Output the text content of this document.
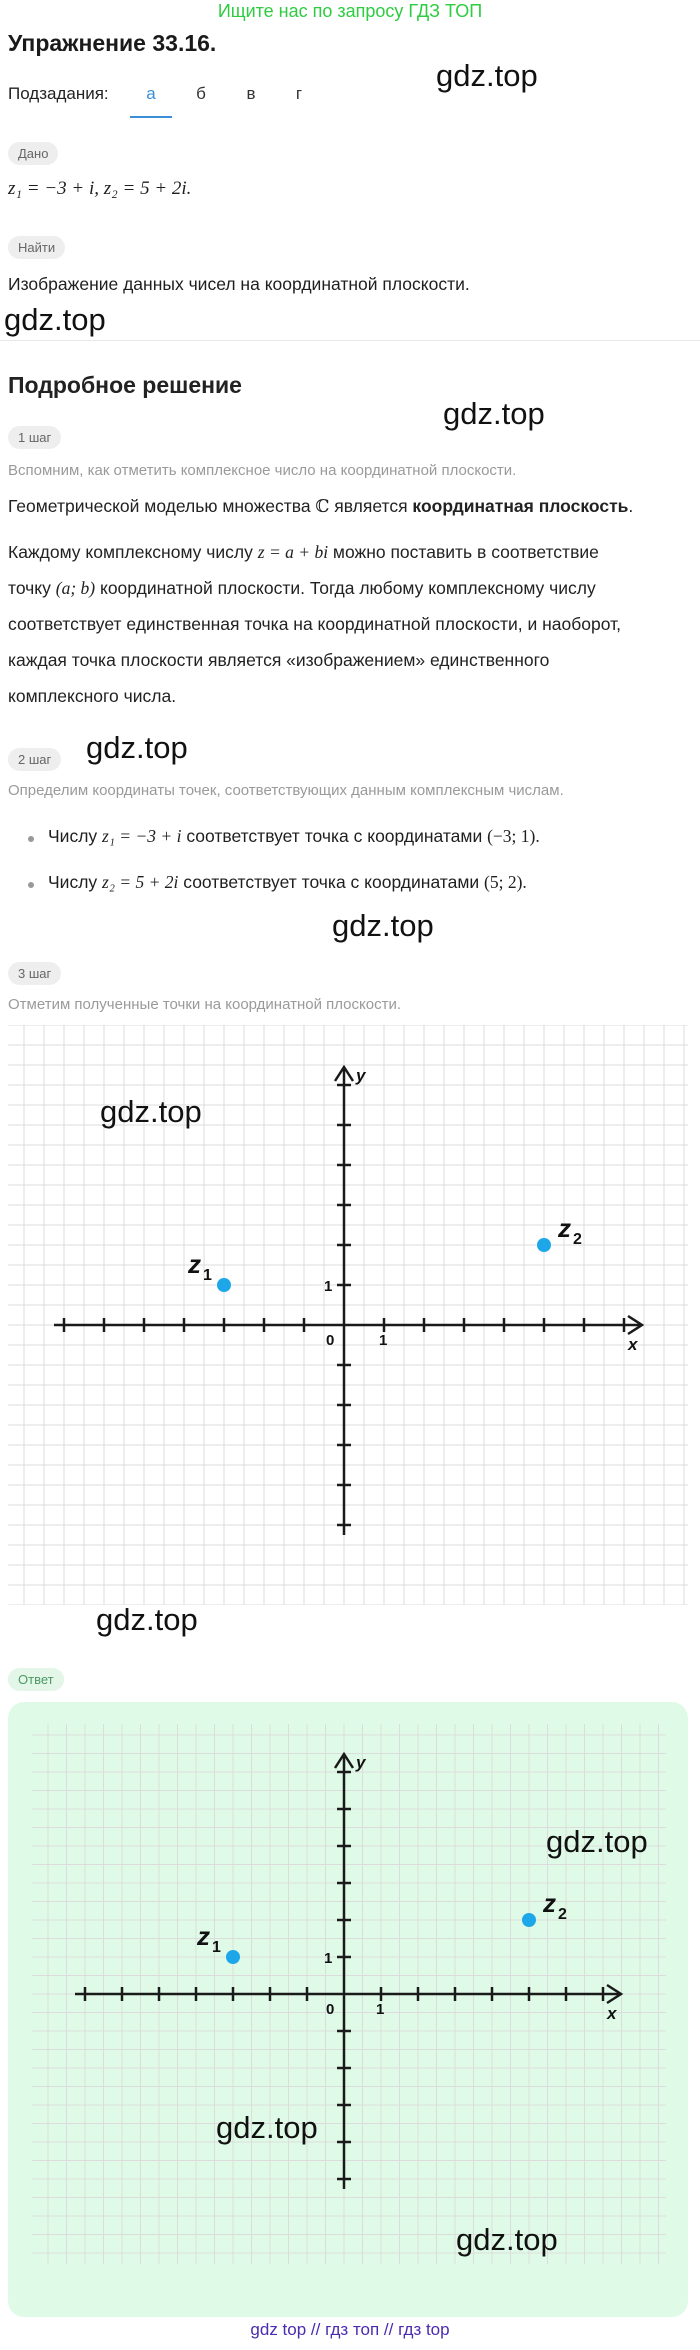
Ищите нас по запросу ГДЗ ТОП
Упражнение 33.16.
Подзадания:	а	б	в	г
gdz.top
Дано
z₁ = −3 + i, z₂ = 5 + 2i.
Найти
Изображение данных чисел на координатной плоскости.
gdz.top
Подробное решение
gdz.top
1 шаг
Вспомним, как отметить комплексное число на координатной плоскости.
Геометрической моделью множества ℂ является координатная плоскость.
Каждому комплексному числу z = a + bi можно поставить в соответствие
точку (a; b) координатной плоскости. Тогда любому комплексному числу
соответствует единственная точка на координатной плоскости, и наоборот,
каждая точка плоскости является «изображением» единственного
комплексного числа.
2 шаг	gdz.top
Определим координаты точек, соответствующих данным комплексным числам.
Числу z₁ = −3 + i соответствует точка с координатами (−3; 1).
Числу z₂ = 5 + 2i соответствует точка с координатами (5; 2).
gdz.top
3 шаг
Отметим полученные точки на координатной плоскости.
x
y
0	1
1
z 1
z 2
gdz.top
gdz.top
Ответ
x
y
0	1
1
z 1
z 2
gdz.top
gdz.top
gdz.top
gdz top // гдз топ // гдз top
